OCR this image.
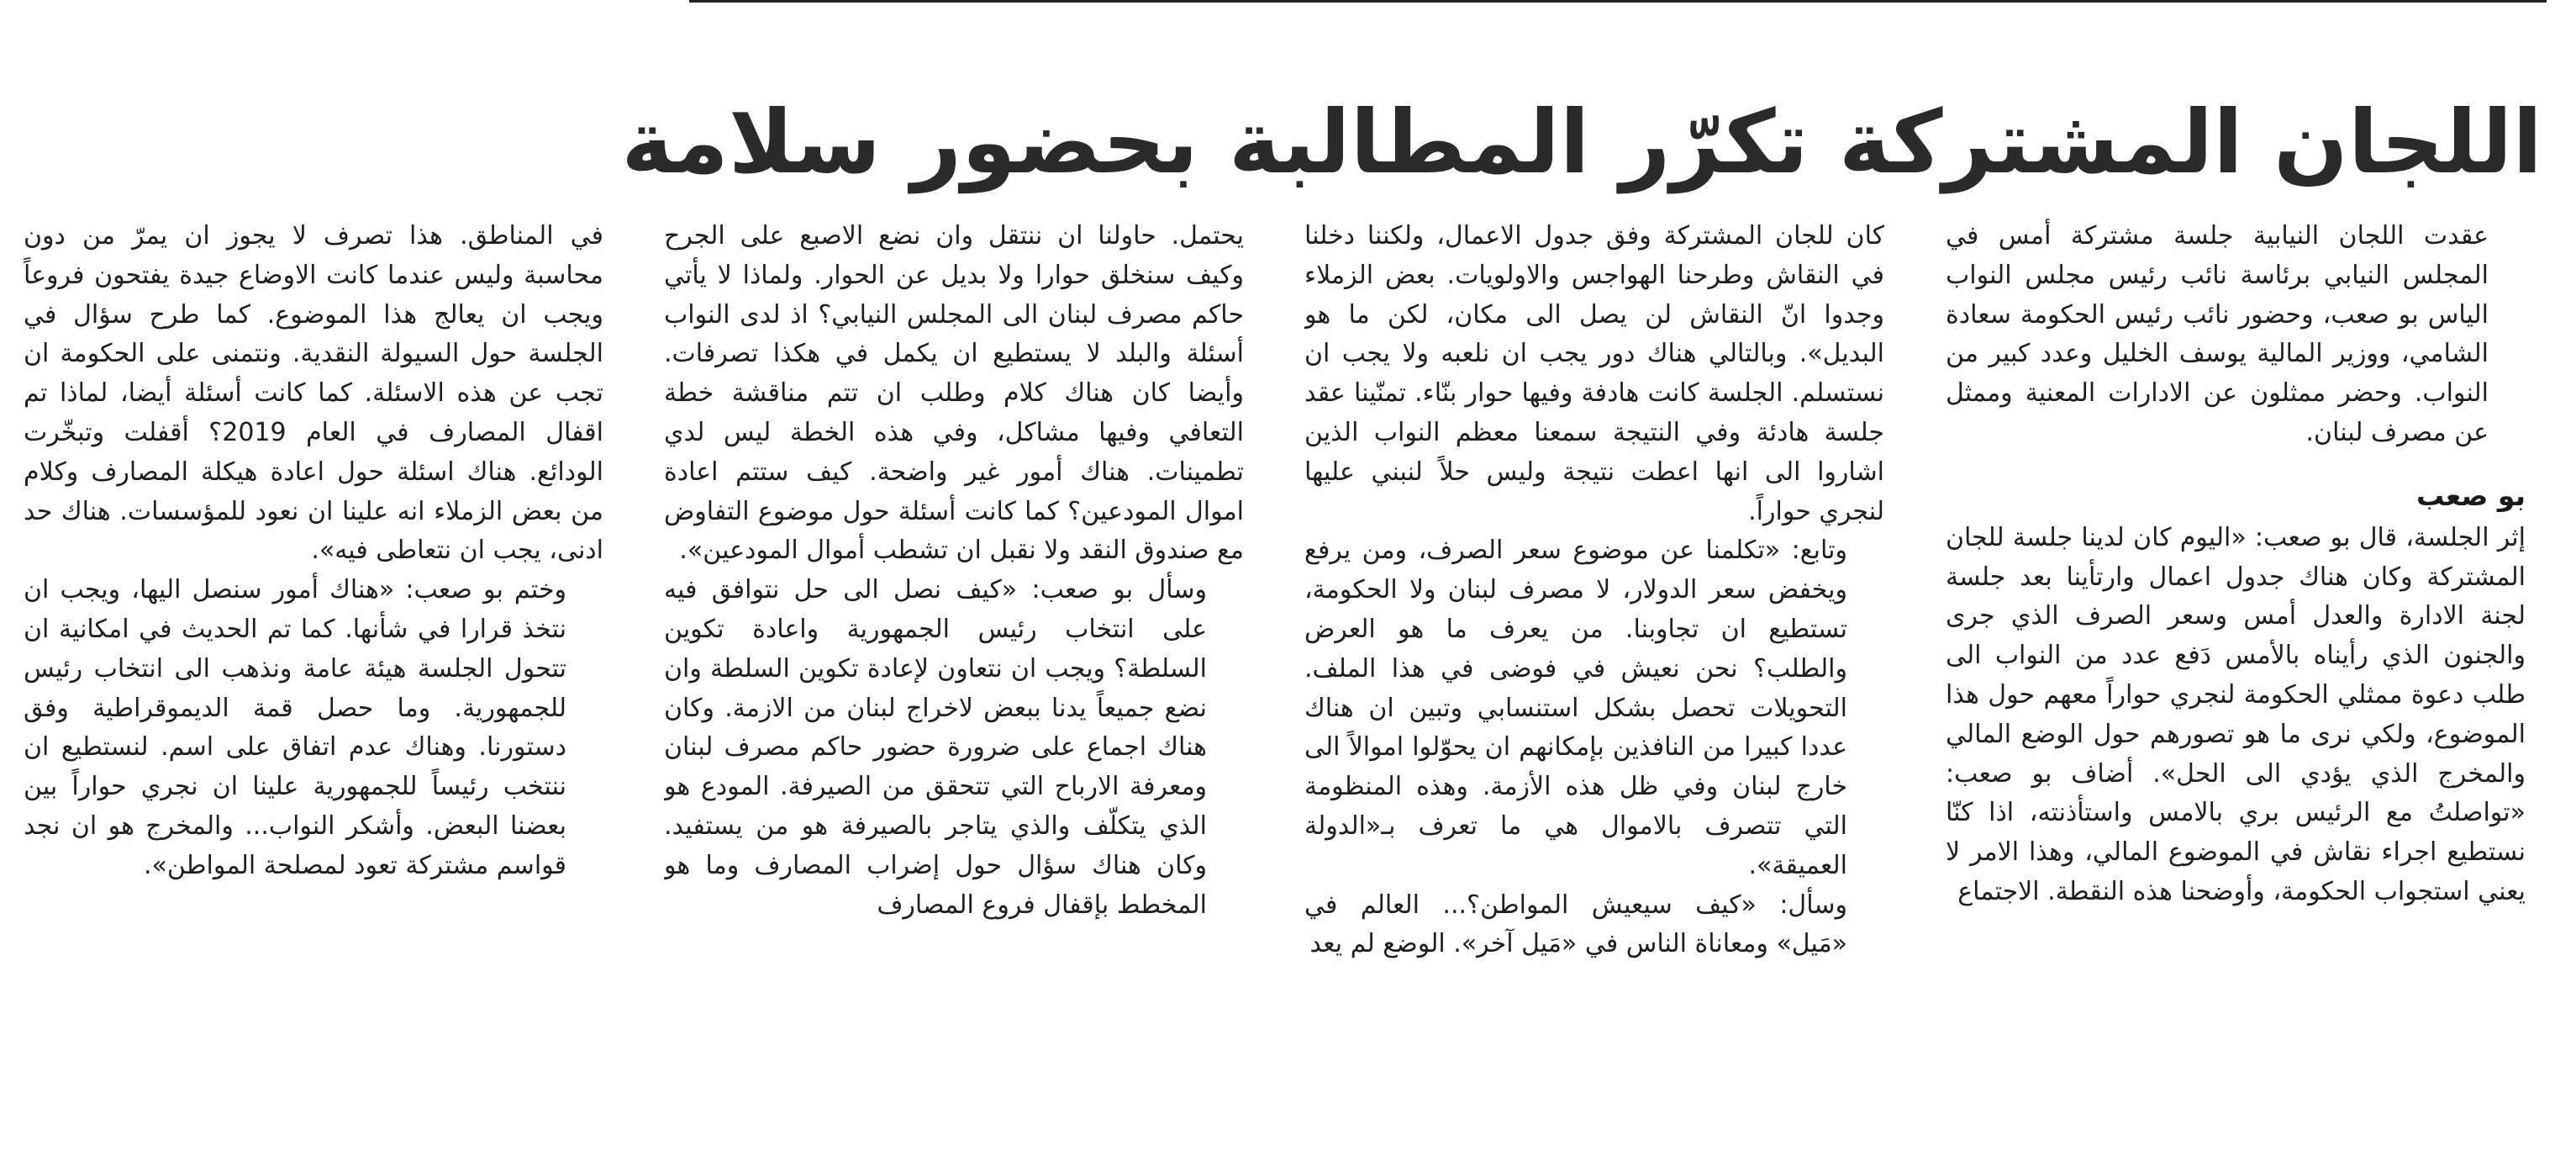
اللجان المشتركة تكرّر المطالبة بحضور سلامة

عقدت اللجان النيابية جلسة مشتركة أمس في المجلس النيابي برئاسة نائب رئيس مجلس النواب الياس بو صعب، وحضور نائب رئيس الحكومة سعادة الشامي، ووزير المالية يوسف الخليل وعدد كبير من النواب. وحضر ممثلون عن الادارات المعنية وممثل عن مصرف لبنان.

بو صعب

إثر الجلسة، قال بو صعب: «اليوم كان لدينا جلسة للجان المشتركة وكان هناك جدول اعمال وارتأينا بعد جلسة لجنة الادارة والعدل أمس وسعر الصرف الذي جرى والجنون الذي رأيناه بالأمس دَفع عدد من النواب الى طلب دعوة ممثلي الحكومة لنجري حواراً معهم حول هذا الموضوع، ولكي نرى ما هو تصورهم حول الوضع المالي والمخرج الذي يؤدي الى الحل». أضاف بو صعب: «تواصلتُ مع الرئيس بري بالامس واستأذنته، اذا كنّا نستطيع اجراء نقاش في الموضوع المالي، وهذا الامر لا يعني استجواب الحكومة، وأوضحنا هذه النقطة. الاجتماع

كان للجان المشتركة وفق جدول الاعمال، ولكننا دخلنا في النقاش وطرحنا الهواجس والاولويات. بعض الزملاء وجدوا انّ النقاش لن يصل الى مكان، لكن ما هو البديل». وبالتالي هناك دور يجب ان نلعبه ولا يجب ان نستسلم. الجلسة كانت هادفة وفيها حوار بنّاء. تمنّينا عقد جلسة هادئة وفي النتيجة سمعنا معظم النواب الذين اشاروا الى انها اعطت نتيجة وليس حلاً لنبني عليها لنجري حواراً.

وتابع: «تكلمنا عن موضوع سعر الصرف، ومن يرفع ويخفض سعر الدولار، لا مصرف لبنان ولا الحكومة، تستطيع ان تجاوبنا. من يعرف ما هو العرض والطلب؟ نحن نعيش في فوضى في هذا الملف. التحويلات تحصل بشكل استنسابي وتبين ان هناك عددا كبيرا من النافذين بإمكانهم ان يحوّلوا اموالاً الى خارج لبنان وفي ظل هذه الأزمة. وهذه المنظومة التي تتصرف بالاموال هي ما تعرف بـ«الدولة العميقة».

وسأل: «كيف سيعيش المواطن؟... العالم في «مَيل» ومعاناة الناس في «مَيل آخر». الوضع لم يعد

يحتمل. حاولنا ان ننتقل وان نضع الاصبع على الجرح وكيف سنخلق حوارا ولا بديل عن الحوار. ولماذا لا يأتي حاكم مصرف لبنان الى المجلس النيابي؟ اذ لدى النواب أسئلة والبلد لا يستطيع ان يكمل في هكذا تصرفات. وأيضا كان هناك كلام وطلب ان تتم مناقشة خطة التعافي وفيها مشاكل، وفي هذه الخطة ليس لدي تطمينات. هناك أمور غير واضحة. كيف ستتم اعادة اموال المودعين؟ كما كانت أسئلة حول موضوع التفاوض مع صندوق النقد ولا نقبل ان تشطب أموال المودعين».

وسأل بو صعب: «كيف نصل الى حل نتوافق فيه على انتخاب رئيس الجمهورية واعادة تكوين السلطة؟ ويجب ان نتعاون لإعادة تكوين السلطة وان نضع جميعاً يدنا ببعض لاخراج لبنان من الازمة. وكان هناك اجماع على ضرورة حضور حاكم مصرف لبنان ومعرفة الارباح التي تتحقق من الصيرفة. المودع هو الذي يتكلّف والذي يتاجر بالصيرفة هو من يستفيد. وكان هناك سؤال حول إضراب المصارف وما هو المخطط بإقفال فروع المصارف

في المناطق. هذا تصرف لا يجوز ان يمرّ من دون محاسبة وليس عندما كانت الاوضاع جيدة يفتحون فروعاً ويجب ان يعالج هذا الموضوع. كما طرح سؤال في الجلسة حول السيولة النقدية. ونتمنى على الحكومة ان تجب عن هذه الاسئلة. كما كانت أسئلة أيضا، لماذا تم اقفال المصارف في العام 2019؟ أقفلت وتبخّرت الودائع. هناك اسئلة حول اعادة هيكلة المصارف وكلام من بعض الزملاء انه علينا ان نعود للمؤسسات. هناك حد ادنى، يجب ان نتعاطى فيه».

وختم بو صعب: «هناك أمور سنصل اليها، ويجب ان نتخذ قرارا في شأنها. كما تم الحديث في امكانية ان تتحول الجلسة هيئة عامة ونذهب الى انتخاب رئيس للجمهورية. وما حصل قمة الديموقراطية وفق دستورنا. وهناك عدم اتفاق على اسم. لنستطيع ان ننتخب رئيساً للجمهورية علينا ان نجري حواراً بين بعضنا البعض. وأشكر النواب... والمخرج هو ان نجد قواسم مشتركة تعود لمصلحة المواطن».
